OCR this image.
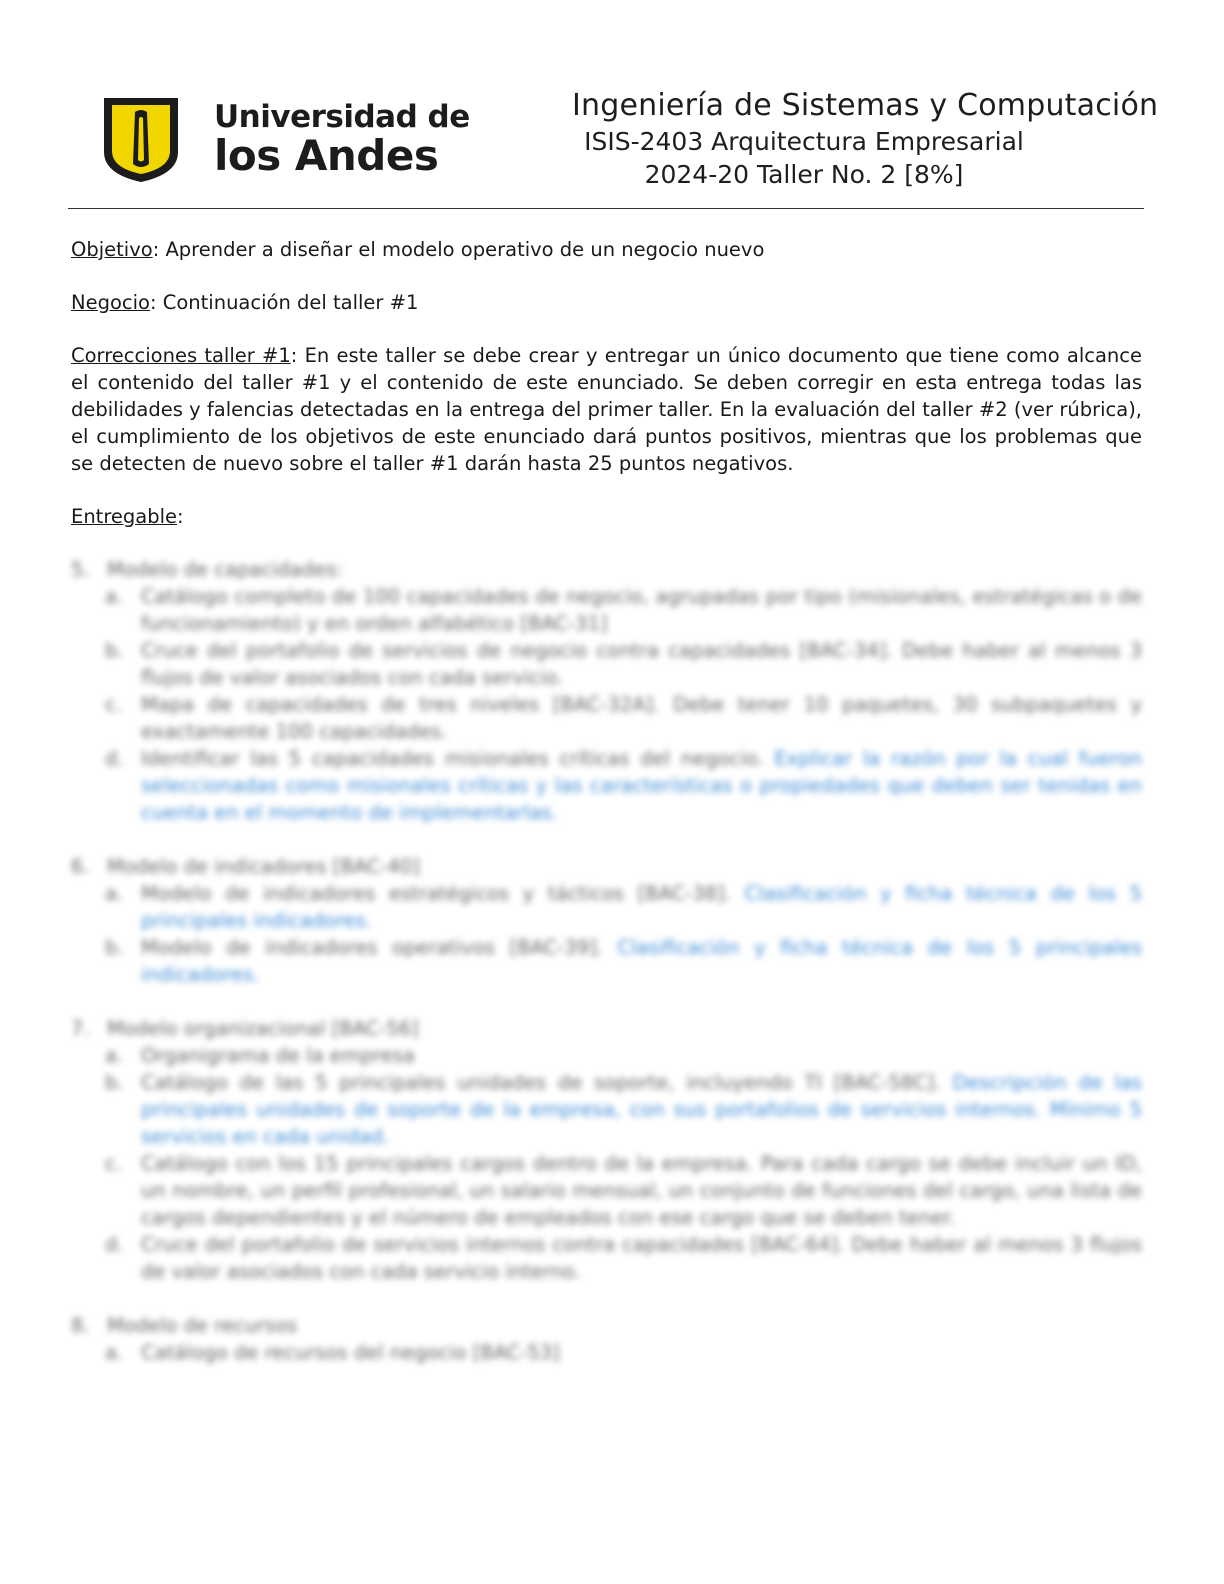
Universidad de
los Andes
Ingeniería de Sistemas y Computación
ISIS-2403 Arquitectura Empresarial
2024-20 Taller No. 2 [8%]

Objetivo: Aprender a diseñar el modelo operativo de un negocio nuevo

Negocio: Continuación del taller #1

Correcciones taller #1: En este taller se debe crear y entregar un único documento que tiene como alcance el contenido del taller #1 y el contenido de este enunciado. Se deben corregir en esta entrega todas las debilidades y falencias detectadas en la entrega del primer taller. En la evaluación del taller #2 (ver rúbrica), el cumplimiento de los objetivos de este enunciado dará puntos positivos, mientras que los problemas que se detecten de nuevo sobre el taller #1 darán hasta 25 puntos negativos.

Entregable:

5. Modelo de capacidades:
a. Catálogo completo de 100 capacidades de negocio, agrupadas por tipo (misionales, estratégicas o de funcionamiento) y en orden alfabético [BAC-31]
b. Cruce del portafolio de servicios de negocio contra capacidades [BAC-34]. Debe haber al menos 3 flujos de valor asociados con cada servicio.
c. Mapa de capacidades de tres niveles [BAC-32A]. Debe tener 10 paquetes, 30 subpaquetes y exactamente 100 capacidades.
d. Identificar las 5 capacidades misionales críticas del negocio. Explicar la razón por la cual fueron seleccionadas como misionales críticas y las características o propiedades que deben ser tenidas en cuenta en el momento de implementarlas.
6. Modelo de indicadores [BAC-40]
a. Modelo de indicadores estratégicos y tácticos [BAC-38]. Clasificación y ficha técnica de los 5 principales indicadores.
b. Modelo de indicadores operativos [BAC-39]. Clasificación y ficha técnica de los 5 principales indicadores.
7. Modelo organizacional [BAC-56]
a. Organigrama de la empresa
b. Catálogo de las 5 principales unidades de soporte, incluyendo TI [BAC-58C]. Descripción de las principales unidades de soporte de la empresa, con sus portafolios de servicios internos. Mínimo 5 servicios en cada unidad.
c. Catálogo con los 15 principales cargos dentro de la empresa. Para cada cargo se debe incluir un ID, un nombre, un perfil profesional, un salario mensual, un conjunto de funciones del cargo, una lista de cargos dependientes y el número de empleados con ese cargo que se deben tener.
d. Cruce del portafolio de servicios internos contra capacidades [BAC-64]. Debe haber al menos 3 flujos de valor asociados con cada servicio interno.
8. Modelo de recursos
a. Catálogo de recursos del negocio [BAC-53]
